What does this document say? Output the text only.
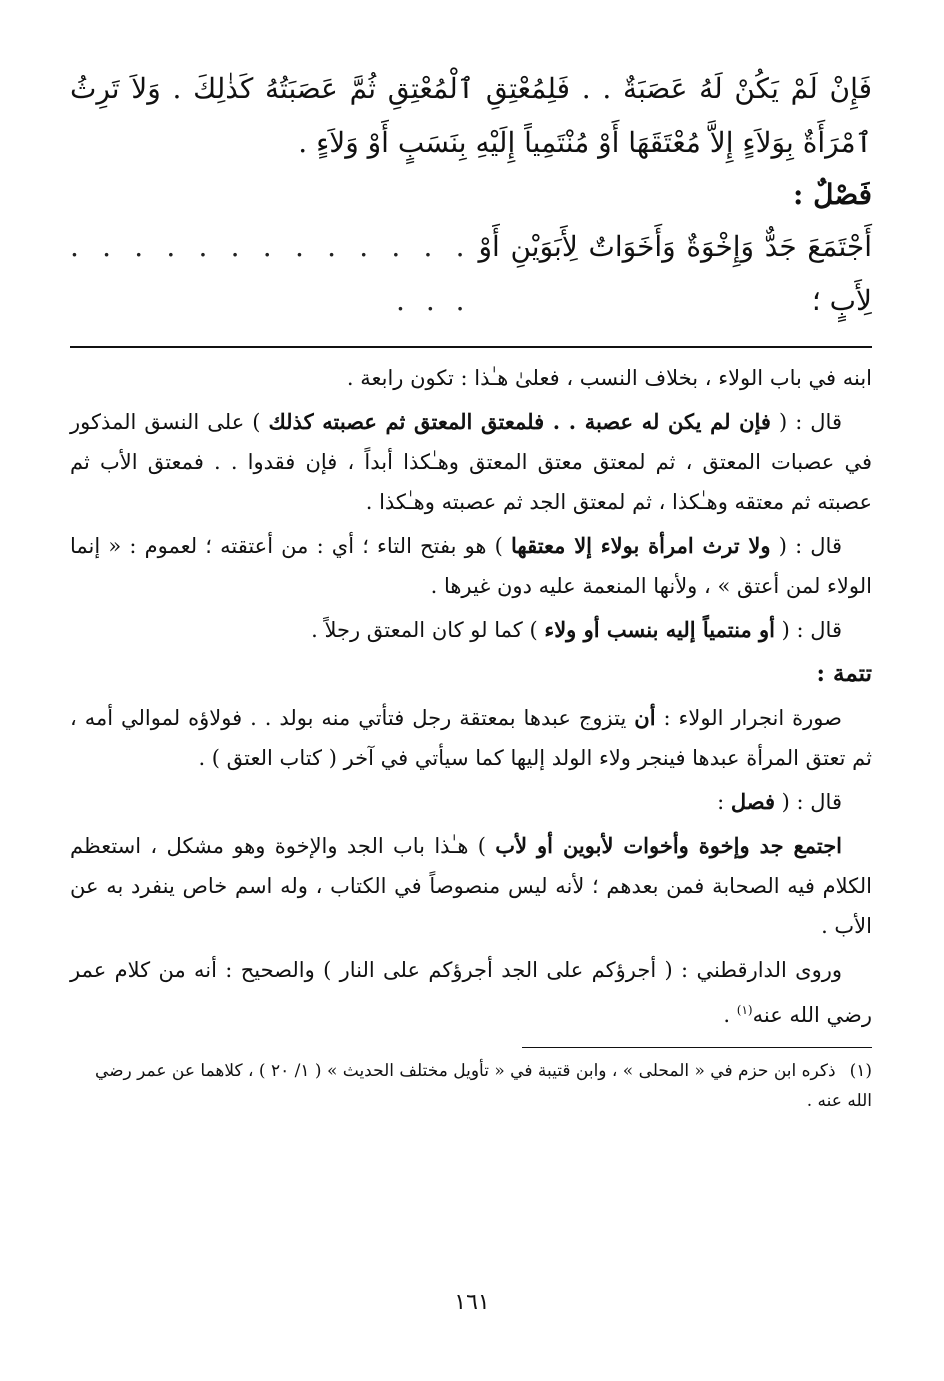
فَإِنْ لَمْ يَكُنْ لَهُ عَصَبَةٌ . . فَلِمُعْتِقِ ٱلْمُعْتِقِ ثُمَّ عَصَبَتُهُ كَذٰلِكَ . وَلاَ تَرِثُ ٱمْرَأَةٌ بِوَلاَءٍ إِلاَّ مُعْتَقَهَا أَوْ مُنْتَمِياً إِلَيْهِ بِنَسَبٍ أَوْ وَلاَءٍ .

فَصْلٌ :

أَجْتَمَعَ جَدٌّ وَإِخْوَةٌ وَأَخَوَاتٌ لِأَبَوَيْنِ أَوْ لِأَبٍ ؛
. . . . . . . . . . . . . . . .

ابنه في باب الولاء ، بخلاف النسب ، فعلىٰ هـٰذا : تكون رابعة .

قال : ( فإن لم يكن له عصبة . . فلمعتق المعتق ثم عصبته كذلك ) على النسق المذكور في عصبات المعتق ، ثم لمعتق معتق المعتق وهـٰكذا أبداً ، فإن فقدوا . . فمعتق الأب ثم عصبته ثم معتقه وهـٰكذا ، ثم لمعتق الجد ثم عصبته وهـٰكذا .

قال : ( ولا ترث امرأة بولاء إلا معتقها ) هو بفتح التاء ؛ أي : من أعتقته ؛ لعموم : « إنما الولاء لمن أعتق » ، ولأنها المنعمة عليه دون غيرها .

قال : ( أو منتمياً إليه بنسب أو ولاء ) كما لو كان المعتق رجلاً .

تتمة :

صورة انجرار الولاء : أن يتزوج عبدها بمعتقة رجل فتأتي منه بولد . . فولاؤه لموالي أمه ، ثم تعتق المرأة عبدها فينجر ولاء الولد إليها كما سيأتي في آخر ( كتاب العتق ) .

قال : ( فصل :

اجتمع جد وإخوة وأخوات لأبوين أو لأب ) هـٰذا باب الجد والإخوة وهو مشكل ، استعظم الكلام فيه الصحابة فمن بعدهم ؛ لأنه ليس منصوصاً في الكتاب ، وله اسم خاص ينفرد به عن الأب .

وروى الدارقطني : ( أجرؤكم على الجد أجرؤكم على النار ) والصحيح : أنه من كلام عمر رضي الله عنه$^{(١)}$ .

(١)ذكره ابن حزم في « المحلى » ، وابن قتيبة في « تأويل مختلف الحديث » ( ١/ ٢٠ ) ، كلاهما عن عمر رضي الله عنه .

١٦١
